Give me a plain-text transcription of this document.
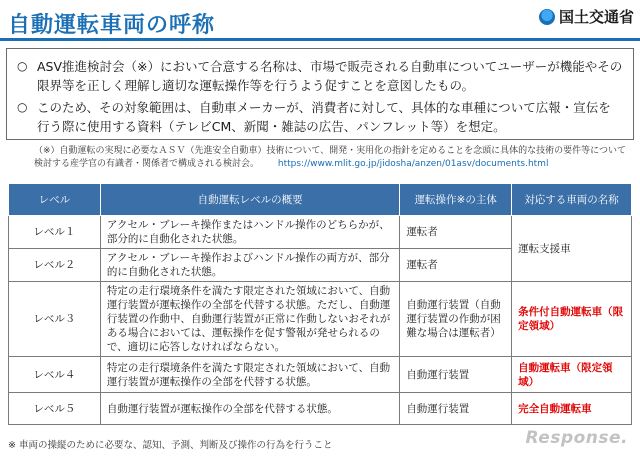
自動運転車両の呼称	国土交通省
○ ASV推進検討会（※）において合意する名称は、市場で販売される自動車についてユーザーが機能やその限界等を正しく理解し適切な運転操作等を行うよう促すことを意図したもの。
○ このため、その対象範囲は、自動車メーカーが、消費者に対して、具体的な車種について広報・宣伝を行う際に使用する資料（テレビCM、新聞・雑誌の広告、パンフレット等）を想定。
（※）自動運転の実現に必要なＡＳＶ（先進安全自動車）技術について、開発・実用化の指針を定めることを念頭に具体的な技術の要件等について検討する産学官の有識者・関係者で構成される検討会。 https://www.mlit.go.jp/jidosha/anzen/01asv/documents.html
レベル	自動運転レベルの概要	運転操作※の主体	対応する車両の名称
レベル１	アクセル・ブレーキ操作またはハンドル操作のどちらかが、部分的に自動化された状態。	運転者	運転支援車
レベル２	アクセル・ブレーキ操作およびハンドル操作の両方が、部分的に自動化された状態。	運転者	
レベル３	特定の走行環境条件を満たす限定された領域において、自動運行装置が運転操作の全部を代替する状態。ただし、自動運行装置の作動中、自動運行装置が正常に作動しないおそれがある場合においては、運転操作を促す警報が発せられるので、適切に応答しなければならない。	自動運行装置（自動運行装置の作動が困難な場合は運転者）	条件付自動運転車（限定領域）
レベル４	特定の走行環境条件を満たす限定された領域において、自動運行装置が運転操作の全部を代替する状態。	自動運行装置	自動運転車（限定領域）
レベル５	自動運行装置が運転操作の全部を代替する状態。	自動運行装置	完全自動運転車
※ 車両の操縦のために必要な、認知、予測、判断及び操作の行為を行うこと	Response.
